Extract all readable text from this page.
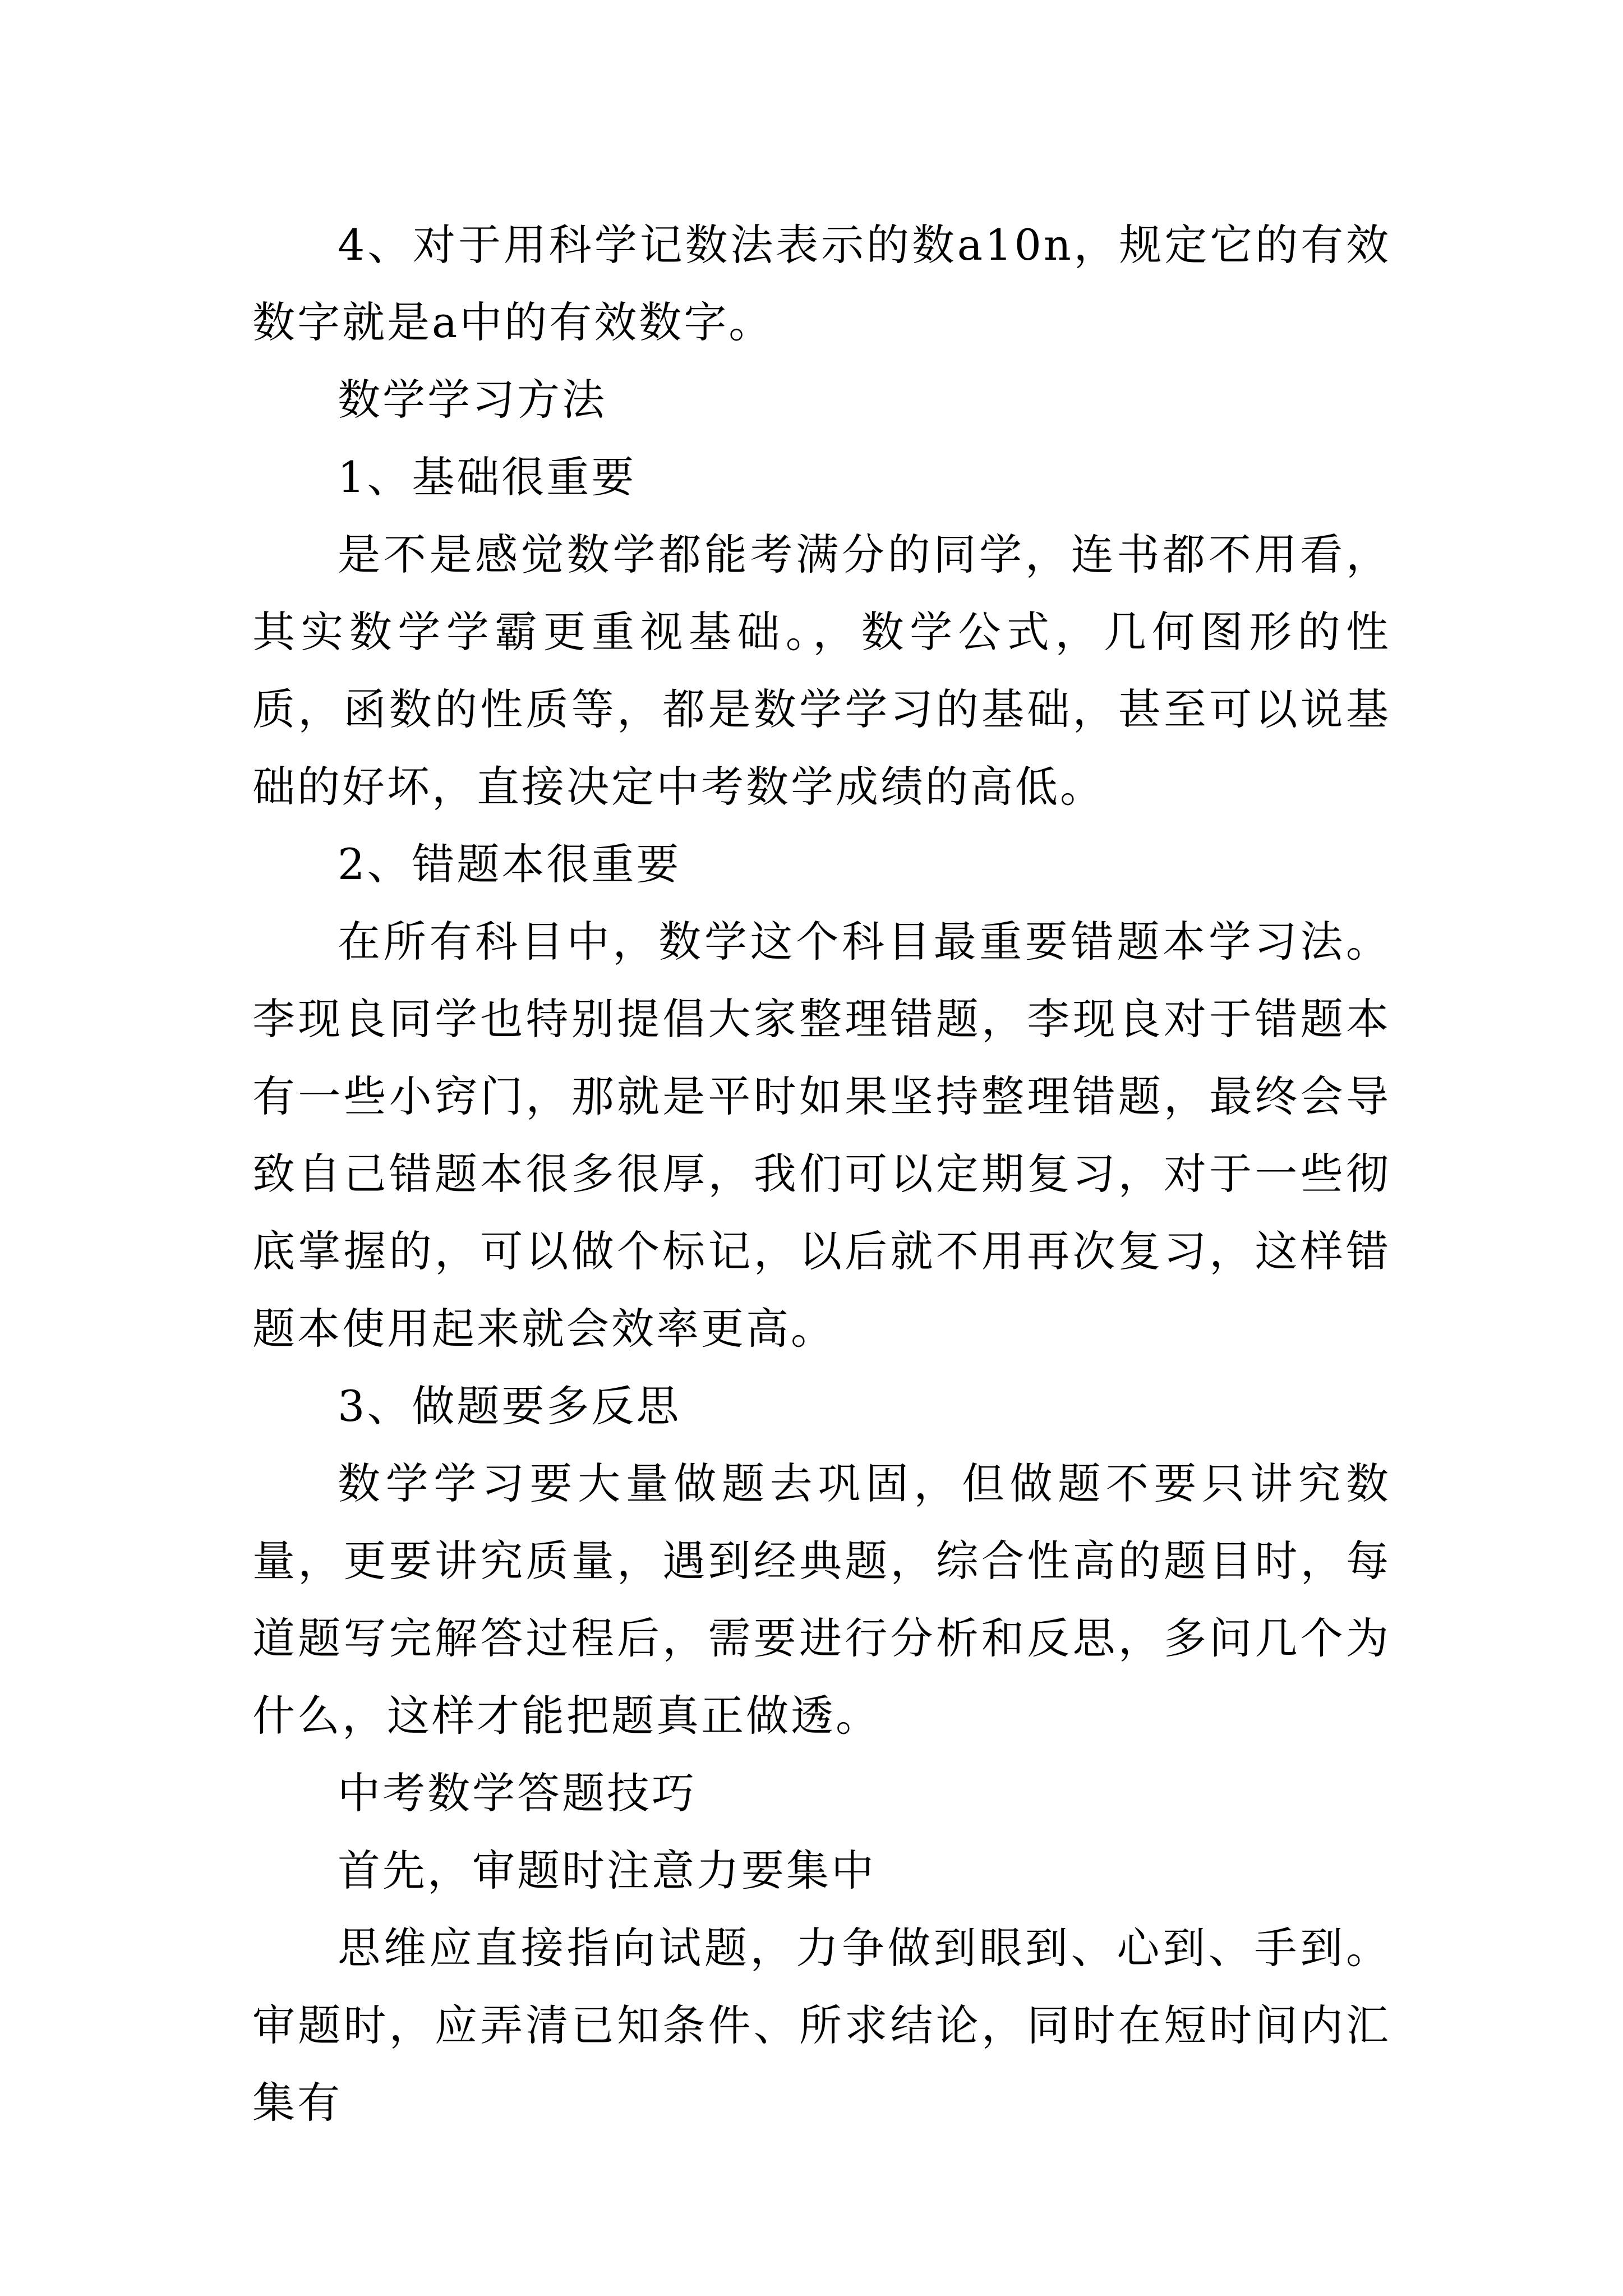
4、对于用科学记数法表示的数a10n，规定它的有效数字就是a中的有效数字。

数学学习方法

1、基础很重要

是不是感觉数学都能考满分的同学，连书都不用看，其实数学学霸更重视基础。，数学公式，几何图形的性质，函数的性质等，都是数学学习的基础，甚至可以说基础的好坏，直接决定中考数学成绩的高低。

2、错题本很重要

在所有科目中，数学这个科目最重要错题本学习法。李现良同学也特别提倡大家整理错题，李现良对于错题本有一些小窍门，那就是平时如果坚持整理错题，最终会导致自己错题本很多很厚，我们可以定期复习，对于一些彻底掌握的，可以做个标记，以后就不用再次复习，这样错题本使用起来就会效率更高。

3、做题要多反思

数学学习要大量做题去巩固，但做题不要只讲究数量，更要讲究质量，遇到经典题，综合性高的题目时，每道题写完解答过程后，需要进行分析和反思，多问几个为什么，这样才能把题真正做透。

中考数学答题技巧

首先，审题时注意力要集中

思维应直接指向试题，力争做到眼到、心到、手到。审题时，应弄清已知条件、所求结论，同时在短时间内汇集有
